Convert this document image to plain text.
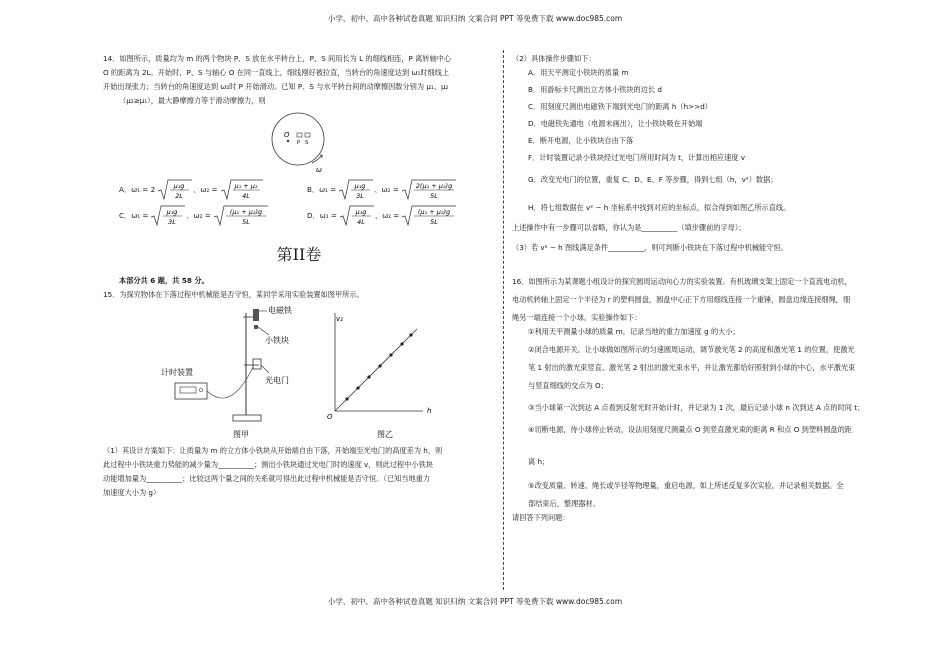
小学、初中、高中各种试卷真题 知识归纳 文案合同 PPT 等免费下载 www.doc985.com

14．如图所示，质量均为 m 的两个物块 P、S 放在水平转台上，P、S 间用长为 L 的细线相连，P 离转轴中心

O 的距离为 2L。开始时，P、S 与轴心 O 在同一直线上，细线刚好被拉直，当转台的角速度达到 ω₁时细线上

开始出现张力；当转台的角速度达到 ω₂时 P 开始滑动。已知 P、S 与水平转台间的动摩擦因数分别为 μ₁、μ₂

（μ₂≥μ₁），最大静摩擦力等于滑动摩擦力，则

O
P S
ω
A．ω₁ = 2	μ₁g
2L
、ω₂ =	μ₁ + μ₂
4L
B．ω₁ =	μ₁g
3L
、ω₂ =	2(μ₁ + μ₂)g
5L
C．ω₁ =	μ₁g
3L
、ω₂ =	(μ₁ + μ₂)g
5L
D．ω₁ =	μ₁g
4L
、ω₂ =	(μ₁ + μ₂)g
5L
第II卷

本部分共 6 题，共 58 分。

15．为探究物体在下落过程中机械能是否守恒，某同学采用实验装置如图甲所示。

电磁铁
小铁块
光电门
计时装置
图甲
v₂
h
O
图乙

（1）其设计方案如下：让质量为 m 的立方体小铁块从开始端自由下落，开始端至光电门的高度差为 h，则

此过程中小铁块重力势能的减少量为__________；测出小铁块通过光电门时的速度 v，则此过程中小铁块

动能增加量为__________；比较这两个量之间的关系就可得出此过程中机械能是否守恒。（已知当地重力

加速度大小为 g）

（2）具体操作步骤如下：

A．用天平测定小铁块的质量 m

B．用游标卡尺测出立方体小铁块的边长 d

C．用刻度尺测出电磁铁下端到光电门的距离 h（h>>d）

D．电磁铁先通电（电源未画出），让小铁块吸在开始端

E．断开电源，让小铁块自由下落

F．计时装置记录小铁块经过光电门所用时间为 t，计算出相应速度 v

G．改变光电门的位置，重复 C、D、E、F 等步骤，得到七组（h，v²）数据；

H．将七组数据在 v² − h 坐标系中找到对应的坐标点，拟合得到如图乙所示直线。

上述操作中有一步骤可以省略，你认为是__________（填步骤前的字母）；

（3）若 v² − h 图线满足条件__________，则可判断小铁块在下落过程中机械能守恒。

16．如图所示为某课题小组设计的探究圆周运动向心力的实验装置。有机玻璃支架上固定一个直流电动机，

电动机转轴上固定一个半径为 r 的塑料圆盘，圆盘中心正下方用细线连接一个重锤，圆盘边缘连接细绳，细

绳另一端连接一个小球。实验操作如下：

①利用天平测量小球的质量 m，记录当地的重力加速度 g 的大小；

②闭合电源开关，让小球做如图所示的匀速圆周运动，调节激光笔 2 的高度和激光笔 1 的位置，使激光

笔 1 射出的激光束竖直、激光笔 2 射出的激光束水平，并让激光都恰好照射到小球的中心，水平激光束

与竖直细线的交点为 O；

③当小球第一次到达 A 点看到反射光时开始计时，并记录为 1 次，最后记录小球 n 次到达 A 点的时间 t；

④切断电源，待小球停止转动，设法用刻度尺测量点 O 到竖直激光束的距离 R 和点 O 到塑料圆盘的距

离 h；

⑤改变质量、转速、绳长或半径等物理量，重启电源，如上所述反复多次实验，并记录相关数据。全

部结束后，整理器材。

请回答下列问题：

小学、初中、高中各种试卷真题 知识归纳 文案合同 PPT 等免费下载 www.doc985.com
